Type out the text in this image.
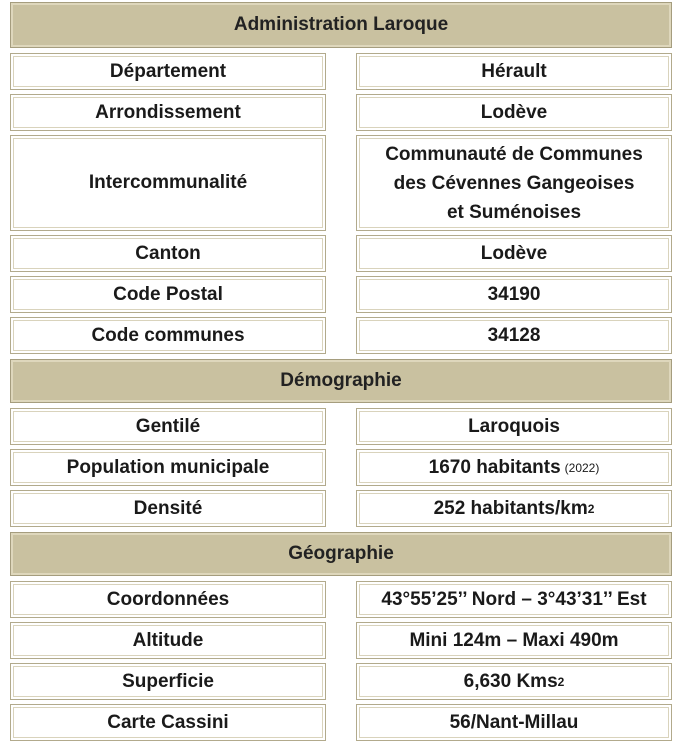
Administration Laroque
Département	Hérault
Arrondissement	Lodève
Intercommunalité
Communauté de Communes
des Cévennes Gangeoises
et Suménoises
Canton	Lodève
Code Postal	34190
Code communes	34128
Démographie
Gentilé	Laroquois
Population municipale	1670 habitants (2022)
Densité	252 habitants/km 2
Géographie
Coordonnées	43°55’25’’ Nord – 3°43’31’’ Est
Altitude	Mini 124m – Maxi 490m
Superficie	6,630 Kms 2
Carte Cassini	56/Nant-Millau
